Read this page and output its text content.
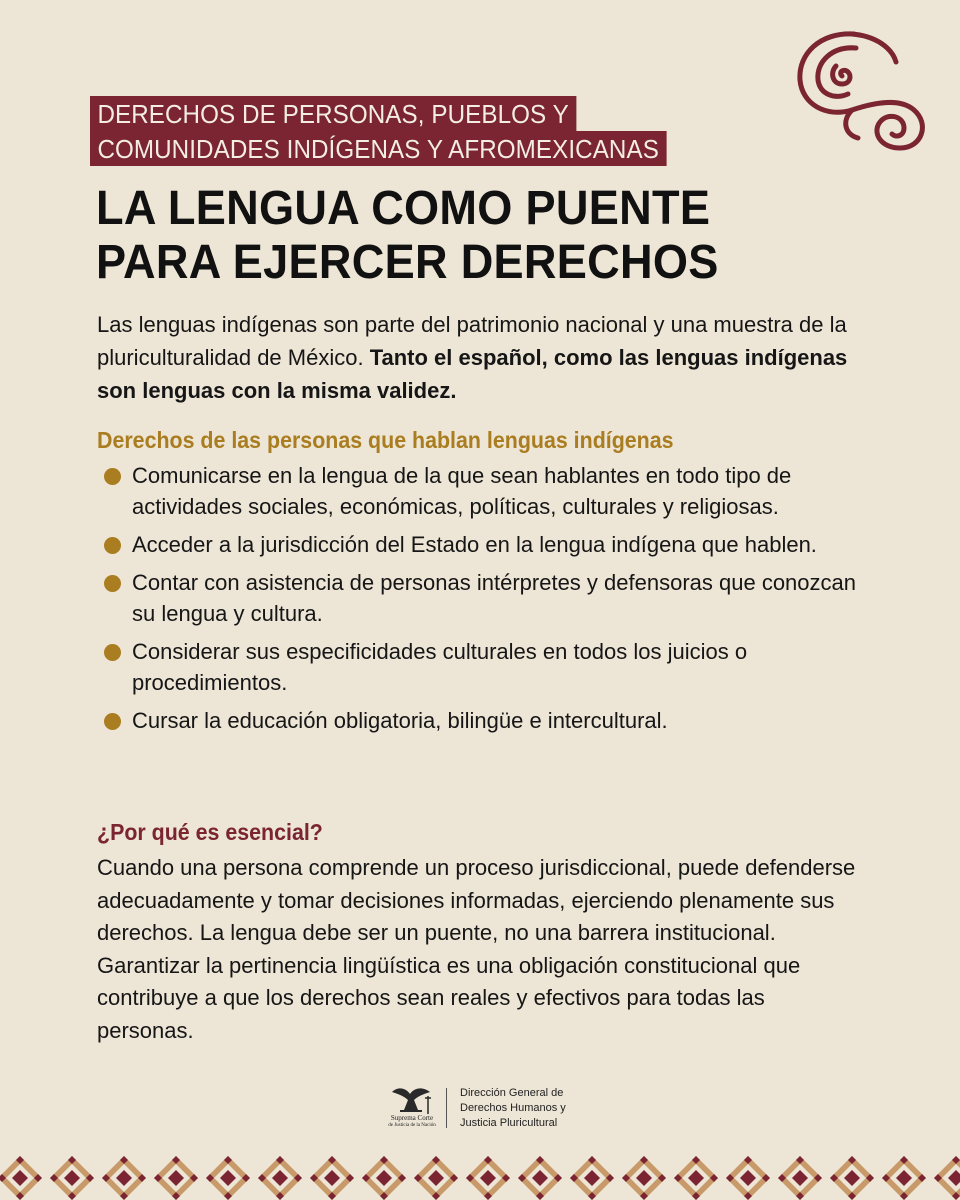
DERECHOS DE PERSONAS, PUEBLOS Y
COMUNIDADES INDÍGENAS Y AFROMEXICANAS
LA LENGUA COMO PUENTE
PARA EJERCER DERECHOS
Las lenguas indígenas son parte del patrimonio nacional y una muestra de la pluriculturalidad de México. Tanto el español, como las lenguas indígenas son lenguas con la misma validez.
Derechos de las personas que hablan lenguas indígenas
Comunicarse en la lengua de la que sean hablantes en todo tipo de actividades sociales, económicas, políticas, culturales y religiosas.
Acceder a la jurisdicción del Estado en la lengua indígena que hablen.
Contar con asistencia de personas intérpretes y defensoras que conozcan su lengua y cultura.
Considerar sus especificidades culturales en todos los juicios o procedimientos.
Cursar la educación obligatoria, bilingüe e intercultural.
¿Por qué es esencial?
Cuando una persona comprende un proceso jurisdiccional, puede defenderse adecuadamente y tomar decisiones informadas, ejerciendo plenamente sus derechos. La lengua debe ser un puente, no una barrera institucional. Garantizar la pertinencia lingüística es una obligación constitucional que contribuye a que los derechos sean reales y efectivos para todas las personas.
Suprema Corte
de Justicia de la Nación
Dirección General de
Derechos Humanos y
Justicia Pluricultural
